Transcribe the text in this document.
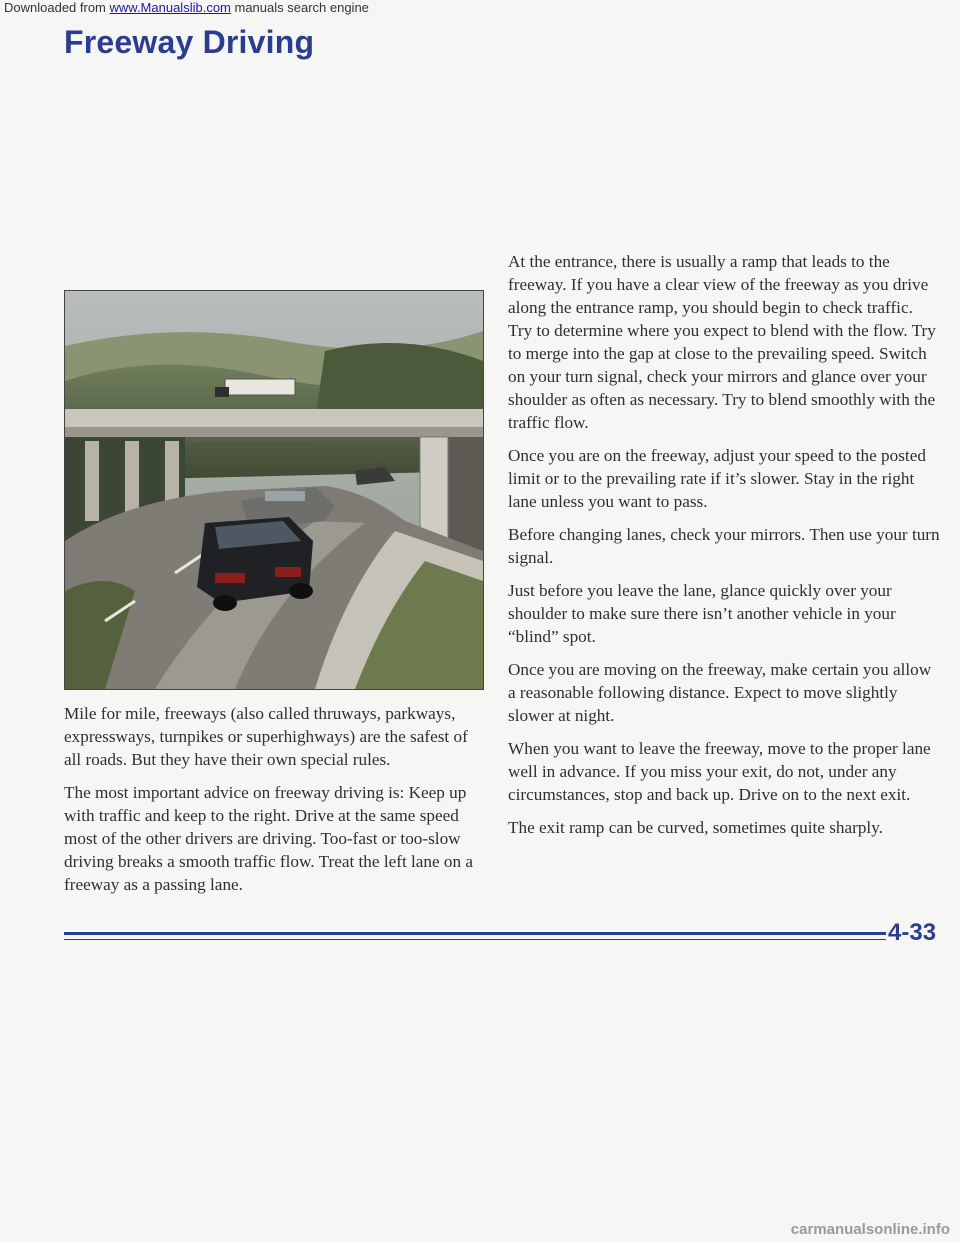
Downloaded from www.Manualslib.com manuals search engine
Freeway Driving

Mile for mile, freeways (also called thruways, parkways, expressways, turnpikes or superhighways) are the safest of all roads. But they have their own special rules.

The most important advice on freeway driving is: Keep up with traffic and keep to the right. Drive at the same speed most of the other drivers are driving. Too-fast or too-slow driving breaks a smooth traffic flow. Treat the left lane on a freeway as a passing lane.

At the entrance, there is usually a ramp that leads to the freeway. If you have a clear view of the freeway as you drive along the entrance ramp, you should begin to check traffic. Try to determine where you expect to blend with the flow. Try to merge into the gap at close to the prevailing speed. Switch on your turn signal, check your mirrors and glance over your shoulder as often as necessary. Try to blend smoothly with the traffic flow.

Once you are on the freeway, adjust your speed to the posted limit or to the prevailing rate if it’s slower. Stay in the right lane unless you want to pass.

Before changing lanes, check your mirrors. Then use your turn signal.

Just before you leave the lane, glance quickly over your shoulder to make sure there isn’t another vehicle in your “blind” spot.

Once you are moving on the freeway, make certain you allow a reasonable following distance. Expect to move slightly slower at night.

When you want to leave the freeway, move to the proper lane well in advance. If you miss your exit, do not, under any circumstances, stop and back up. Drive on to the next exit.

The exit ramp can be curved, sometimes quite sharply.

4-33
carmanualsonline.info
